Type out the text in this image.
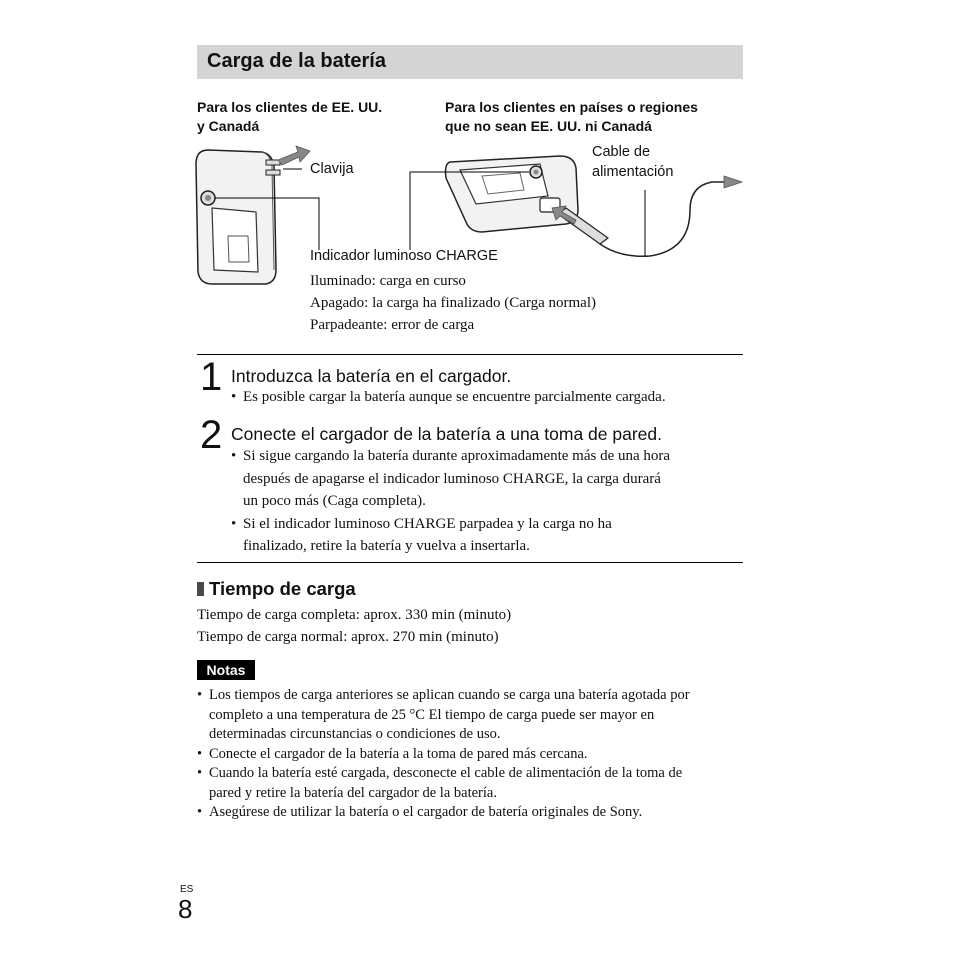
Carga de la batería
Para los clientes de EE. UU.
y Canadá
Para los clientes en países o regiones
que no sean EE. UU. ni Canadá
Clavija
Cable de
alimentación
Indicador luminoso CHARGE
Iluminado: carga en curso
Apagado: la carga ha finalizado (Carga normal)
Parpadeante: error de carga
1 Introduzca la batería en el cargador.
• Es posible cargar la batería aunque se encuentre parcialmente cargada.
2 Conecte el cargador de la batería a una toma de pared.
• Si sigue cargando la batería durante aproximadamente más de una hora
después de apagarse el indicador luminoso CHARGE, la carga durará
un poco más (Caga completa).
• Si el indicador luminoso CHARGE parpadea y la carga no ha
finalizado, retire la batería y vuelva a insertarla.
Tiempo de carga
Tiempo de carga completa: aprox. 330 min (minuto)
Tiempo de carga normal: aprox. 270 min (minuto)
Notas
• Los tiempos de carga anteriores se aplican cuando se carga una batería agotada por
completo a una temperatura de 25 °C El tiempo de carga puede ser mayor en
determinadas circunstancias o condiciones de uso.
• Conecte el cargador de la batería a la toma de pared más cercana.
• Cuando la batería esté cargada, desconecte el cable de alimentación de la toma de
pared y retire la batería del cargador de la batería.
• Asegúrese de utilizar la batería o el cargador de batería originales de Sony.
ES
8
